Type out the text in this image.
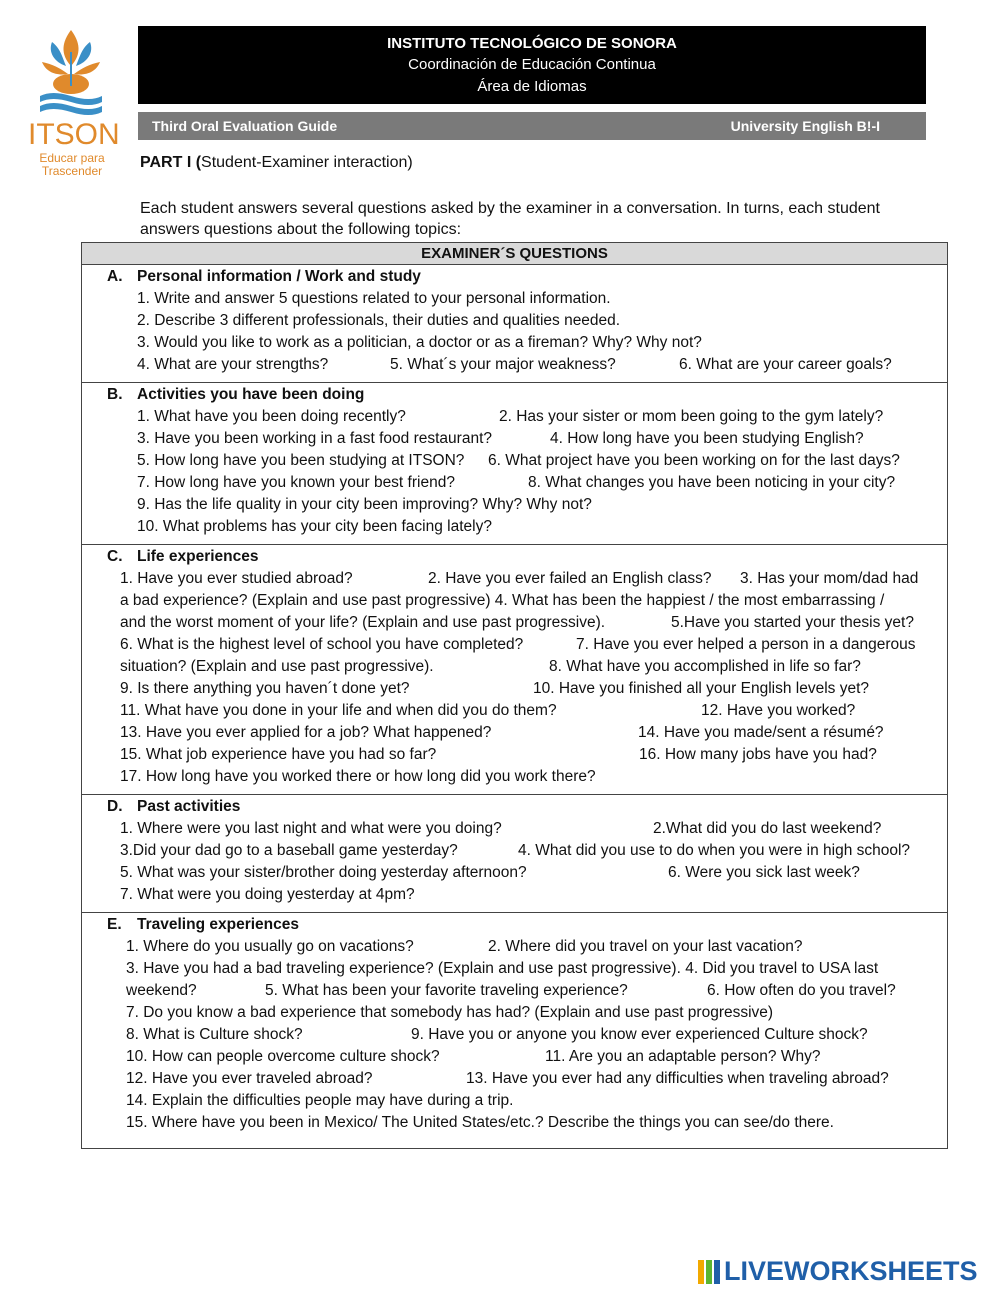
ITSON
Educar para Trascender
INSTITUTO TECNOLÓGICO DE SONORA
Coordinación de Educación Continua
Área de Idiomas
Third Oral Evaluation Guide	University English B!-I
PART I (Student-Examiner interaction)
Each student answers several questions asked by the examiner in a conversation. In turns, each student answers questions about the following topics:
EXAMINER´S QUESTIONS
A. Personal information / Work and study
1. Write and answer 5 questions related to your personal information.
2. Describe 3 different professionals, their duties and qualities needed.
3. Would you like to work as a politician, a doctor or as a fireman? Why? Why not?
4. What are your strengths?	5. What´s your major weakness?	6. What are your career goals?
B. Activities you have been doing
1. What have you been doing recently?	2. Has your sister or mom been going to the gym lately?
3. Have you been working in a fast food restaurant?	4. How long have you been studying English?
5. How long have you been studying at ITSON? 6. What project have you been working on for the last days?
7. How long have you known your best friend?	8. What changes you have been noticing in your city?
9. Has the life quality in your city been improving? Why? Why not?
10. What problems has your city been facing lately?
C. Life experiences
1. Have you ever studied abroad?	2. Have you ever failed an English class? 3. Has your mom/dad had
a bad experience? (Explain and use past progressive) 4. What has been the happiest / the most embarrassing /
and the worst moment of your life? (Explain and use past progressive).	5.Have you started your thesis yet?
6. What is the highest level of school you have completed?	7. Have you ever helped a person in a dangerous
situation? (Explain and use past progressive).	8. What have you accomplished in life so far?
9. Is there anything you haven´t done yet?	10. Have you finished all your English levels yet?
11. What have you done in your life and when did you do them?	12. Have you worked?
13. Have you ever applied for a job? What happened?	14. Have you made/sent a résumé?
15. What job experience have you had so far?	16. How many jobs have you had?
17. How long have you worked there or how long did you work there?
D. Past activities
1. Where were you last night and what were you doing?	2.What did you do last weekend?
3.Did your dad go to a baseball game yesterday?	4. What did you use to do when you were in high school?
5. What was your sister/brother doing yesterday afternoon?	6. Were you sick last week?
7. What were you doing yesterday at 4pm?
E. Traveling experiences
1. Where do you usually go on vacations?	2. Where did you travel on your last vacation?
3. Have you had a bad traveling experience? (Explain and use past progressive). 4. Did you travel to USA last
weekend?	5. What has been your favorite traveling experience?	6. How often do you travel?
7. Do you know a bad experience that somebody has had? (Explain and use past progressive)
8. What is Culture shock?	9. Have you or anyone you know ever experienced Culture shock?
10. How can people overcome culture shock?	11. Are you an adaptable person? Why?
12. Have you ever traveled abroad?	13. Have you ever had any difficulties when traveling abroad?
14. Explain the difficulties people may have during a trip.
15. Where have you been in Mexico/ The United States/etc.? Describe the things you can see/do there.
LIVEWORKSHEETS
